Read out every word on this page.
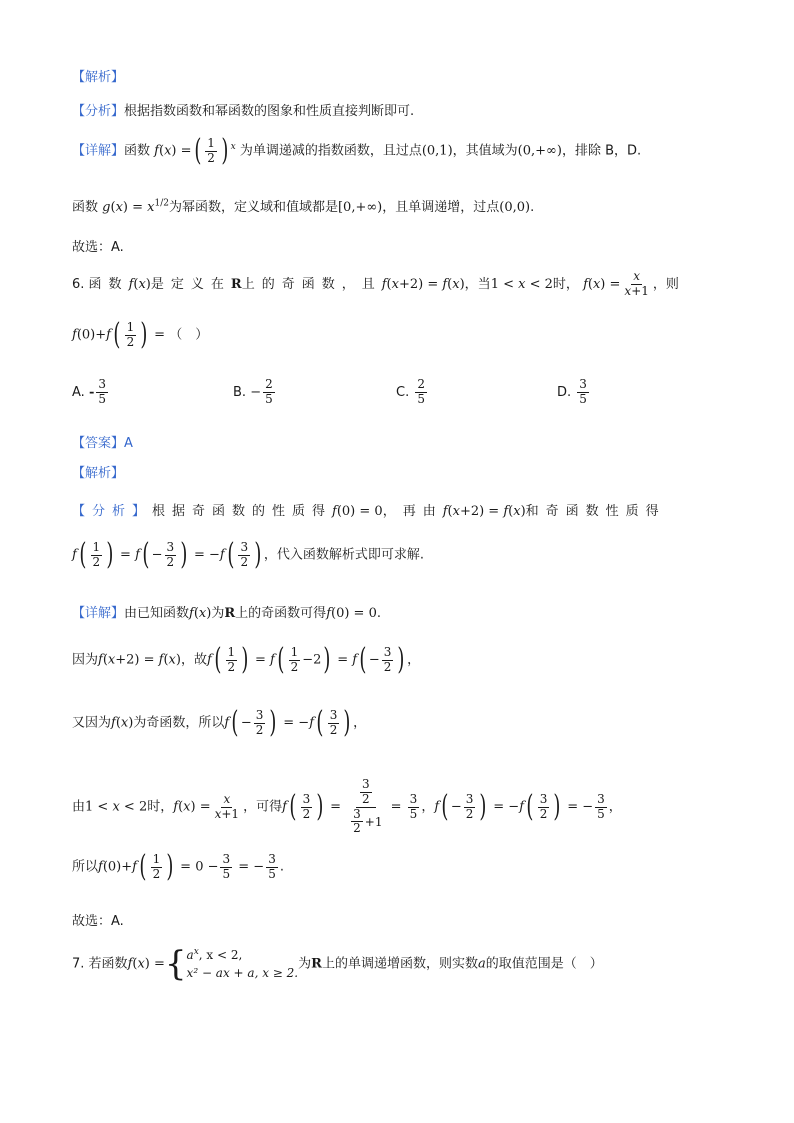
【解析】
【分析】根据指数函数和幂函数的图象和性质直接判断即可.
【详解】函数 f(x) =( $\frac{1}{2}$ ) $^x$ 为单调递减的指数函数，且过点(0,1)，其值域为(0,+∞)，排除 B，D.
函数 $g(x) = x^{1/2}$为幂函数，定义域和值域都是[0,+∞)，且单调递增，过点(0,0).
故选：A.
6. 函数f(x)是定义在R上的奇函数，且f(x+2) = f(x)，当1 < x < 2时， $f(x) = \frac{x}{x+1}$ ，则
$f(0)+f( \frac{1}{2}$ ) = （　）
A. - $\frac{3}{5}$	B. − $\frac{2}{5}$	C. $\frac{2}{5}$	D. $\frac{3}{5}$
【答案】A
【解析】
【分析】根据奇函数的性质得f(0) = 0，再由f(x+2) = f(x)和奇函数性质得
$f( \frac{1}{2}$ ) = $f( - \frac{3}{2}$ ) = $-f( \frac{3}{2}$ ) ，代入函数解析式即可求解.
【详解】由已知函数f(x)为R上的奇函数可得f(0) = 0.
因为f(x+2) = f(x)，故$f( \frac{1}{2}$ ) = $f( \frac{1}{2} -2) = f( - \frac{3}{2}$ ) ，
又因为f(x)为奇函数，所以$f( - \frac{3}{2}$ ) = $-f( \frac{3}{2}$ ) ，
由1 < x < 2时，$f(x) = \frac{x}{x+1}$ ，可得$f( \frac{3}{2}$ ) = $\frac{\frac{3}{2}}{\frac{3}{2} +1} = \frac{3}{5}$ ，$f( - \frac{3}{2}$ ) = $-f( \frac{3}{2}$ ) = − $\frac{3}{5}$ ，
所以$f(0)+f( \frac{1}{2}$ ) = $0 - \frac{3}{5}$ = − $\frac{3}{5}$ .
故选：A.
7. 若函数f(x) ={ $a^x$, x < 2,
x² − ax + a, x ≥ 2.
为R上的单调递增函数，则实数a的取值范围是（　）
